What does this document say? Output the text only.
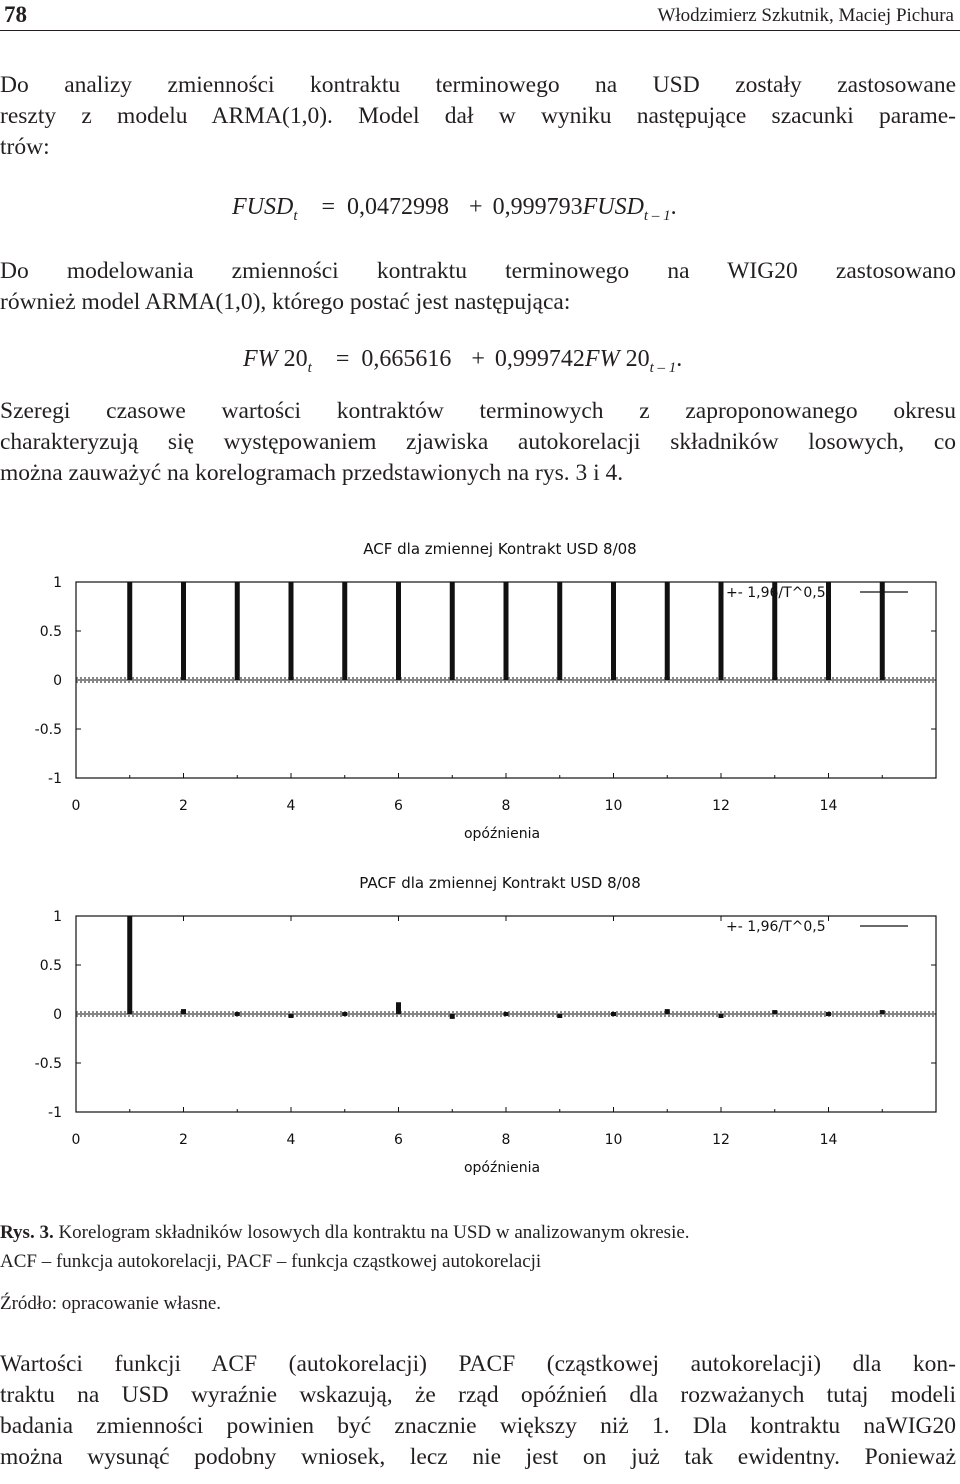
78	Włodzimierz Szkutnik, Maciej Pichura
Do analizy zmienności kontraktu terminowego na USD zostały zastosowane
reszty z modelu ARMA(1,0). Model dał w wyniku następujące szacunki parame-
trów:
$FUSD_t = 0,0472998$ + $0,999793FUSD_{t - 1}$.
Do modelowania zmienności kontraktu terminowego na WIG20 zastosowano
również model ARMA(1,0), którego postać jest następująca:
FW $20_t = 0,665616 + 0,999742FW$ $20_{t - 1}$.
Szeregi czasowe wartości kontraktów terminowych z zaproponowanego okresu
charakteryzują się występowaniem zjawiska autokorelacji składników losowych, co
można zauważyć na korelogramach przedstawionych na rys. 3 i 4.
ACF dla zmiennej Kontrakt USD 8/08
1
0.5
0
-0.5
-1
0	2	4	6	8	10	12	14
+- 1,96/T^0,5
opóźnienia
PACF dla zmiennej Kontrakt USD 8/08
1
0.5
0
-0.5
-1
0	2	4	6	8	10	12	14
+- 1,96/T^0,5
opóźnienia
Rys. 3. Korelogram składników losowych dla kontraktu na USD w analizowanym okresie.
ACF – funkcja autokorelacji, PACF – funkcja cząstkowej autokorelacji
Źródło: opracowanie własne.
Wartości funkcji ACF (autokorelacji) PACF (cząstkowej autokorelacji) dla kon-
traktu na USD wyraźnie wskazują, że rząd opóźnień dla rozważanych tutaj modeli
badania zmienności powinien być znacznie większy niż 1. Dla kontraktu naWIG20
można wysunąć podobny wniosek, lecz nie jest on już tak ewidentny. Ponieważ
